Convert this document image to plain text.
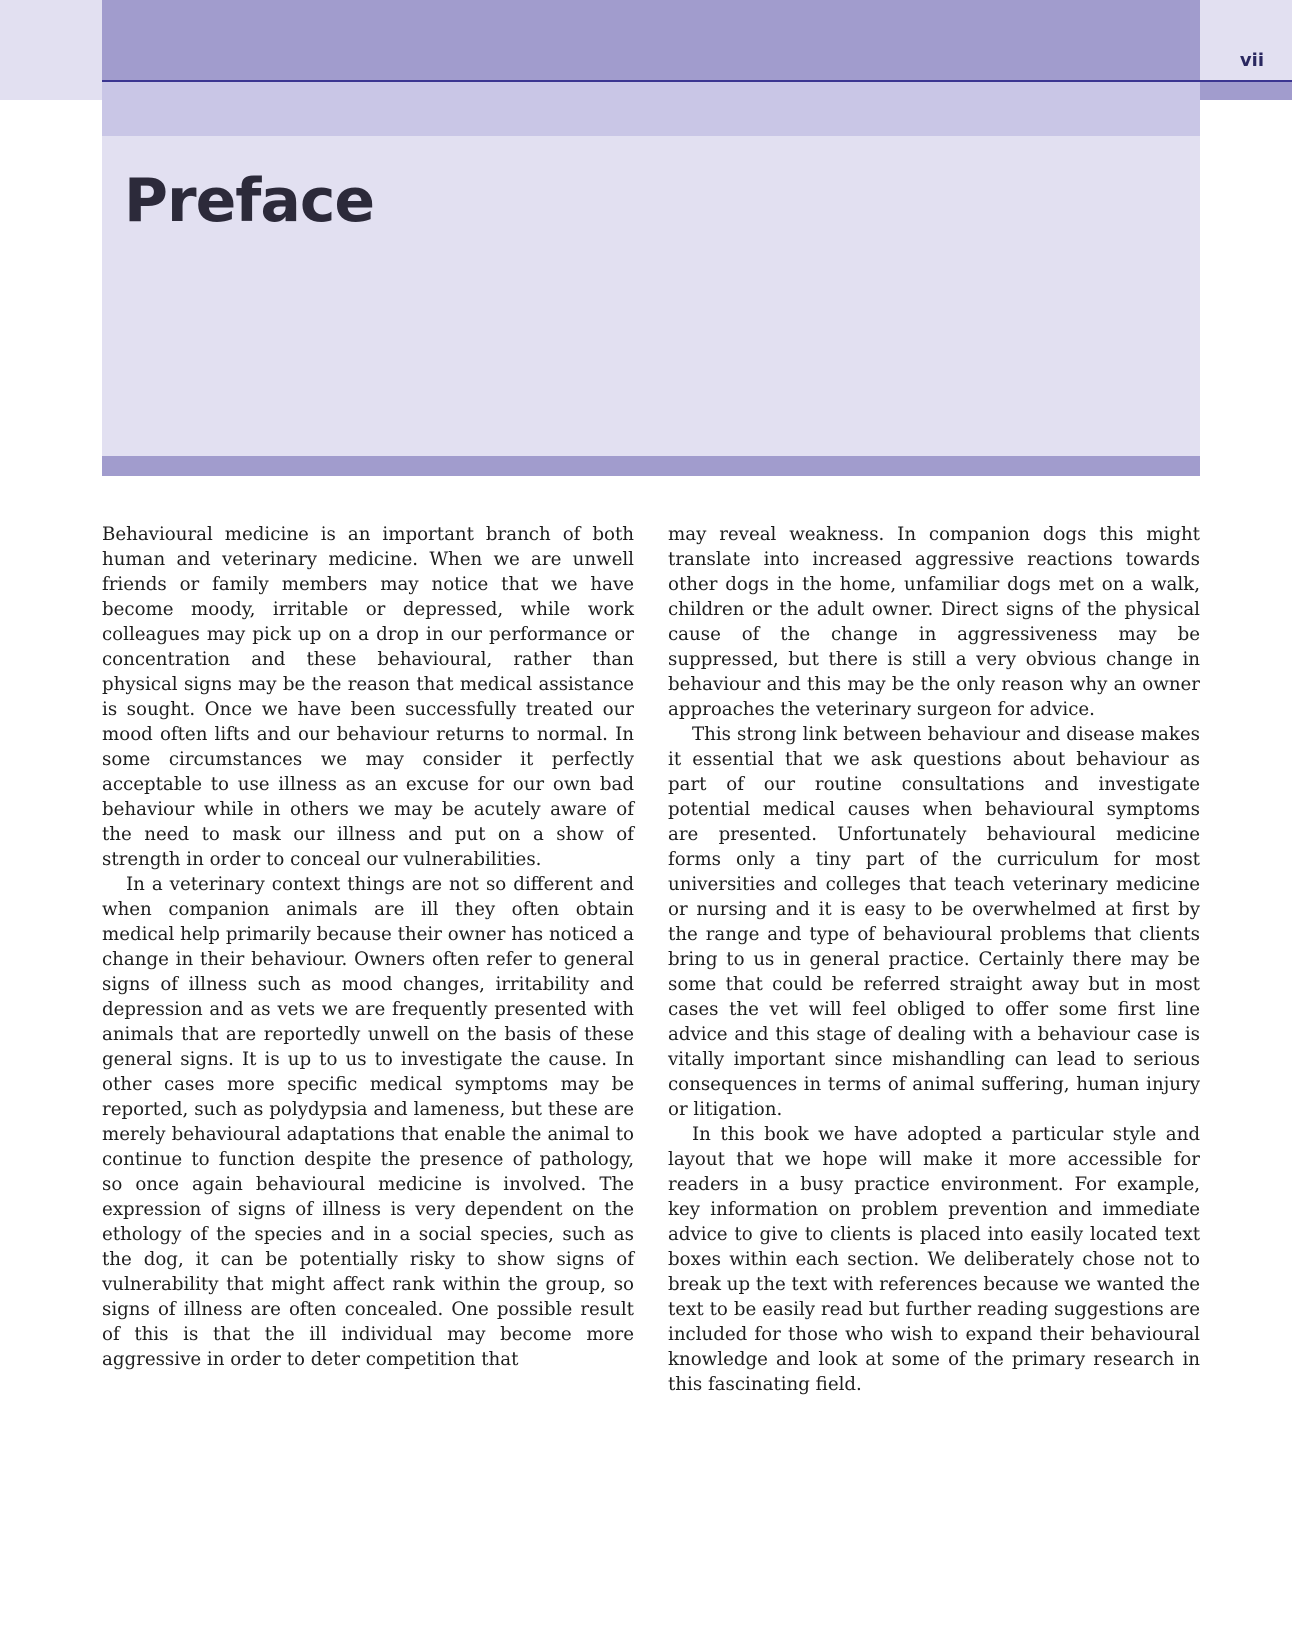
vii
Preface

Behavioural medicine is an important branch of both human and veterinary medicine. When we are unwell friends or family members may notice that we have become moody, irritable or depressed, while work colleagues may pick up on a drop in our performance or concentration and these behavioural, rather than physical signs may be the reason that medical assistance is sought. Once we have been successfully treated our mood often lifts and our behaviour returns to normal. In some circumstances we may consider it perfectly acceptable to use illness as an excuse for our own bad behaviour while in others we may be acutely aware of the need to mask our illness and put on a show of strength in order to conceal our vulnerabilities.

In a veterinary context things are not so different and when companion animals are ill they often obtain medical help primarily because their owner has noticed a change in their behaviour. Owners often refer to general signs of illness such as mood changes, irritability and depression and as vets we are frequently presented with animals that are reportedly unwell on the basis of these general signs. It is up to us to investigate the cause. In other cases more specific medical symptoms may be reported, such as polydypsia and lameness, but these are merely behavioural adaptations that enable the animal to continue to function despite the presence of pathology, so once again behavioural medicine is involved. The expression of signs of illness is very dependent on the ethology of the species and in a social species, such as the dog, it can be potentially risky to show signs of vulnerability that might affect rank within the group, so signs of illness are often concealed. One possible result of this is that the ill individual may become more aggressive in order to deter competition that

may reveal weakness. In companion dogs this might translate into increased aggressive reactions towards other dogs in the home, unfamiliar dogs met on a walk, children or the adult owner. Direct signs of the physical cause of the change in aggressiveness may be suppressed, but there is still a very obvious change in behaviour and this may be the only reason why an owner approaches the veterinary surgeon for advice.

This strong link between behaviour and disease makes it essential that we ask questions about behaviour as part of our routine consultations and investigate potential medical causes when behavioural symptoms are presented. Unfortunately behavioural medicine forms only a tiny part of the curriculum for most universities and colleges that teach veterinary medicine or nursing and it is easy to be overwhelmed at first by the range and type of behavioural problems that clients bring to us in general practice. Certainly there may be some that could be referred straight away but in most cases the vet will feel obliged to offer some first line advice and this stage of dealing with a behaviour case is vitally important since mishandling can lead to serious consequences in terms of animal suffering, human injury or litigation.

In this book we have adopted a particular style and layout that we hope will make it more accessible for readers in a busy practice environment. For example, key information on problem prevention and immediate advice to give to clients is placed into easily located text boxes within each section. We deliberately chose not to break up the text with references because we wanted the text to be easily read but further reading suggestions are included for those who wish to expand their behavioural knowledge and look at some of the primary research in this fascinating field.
